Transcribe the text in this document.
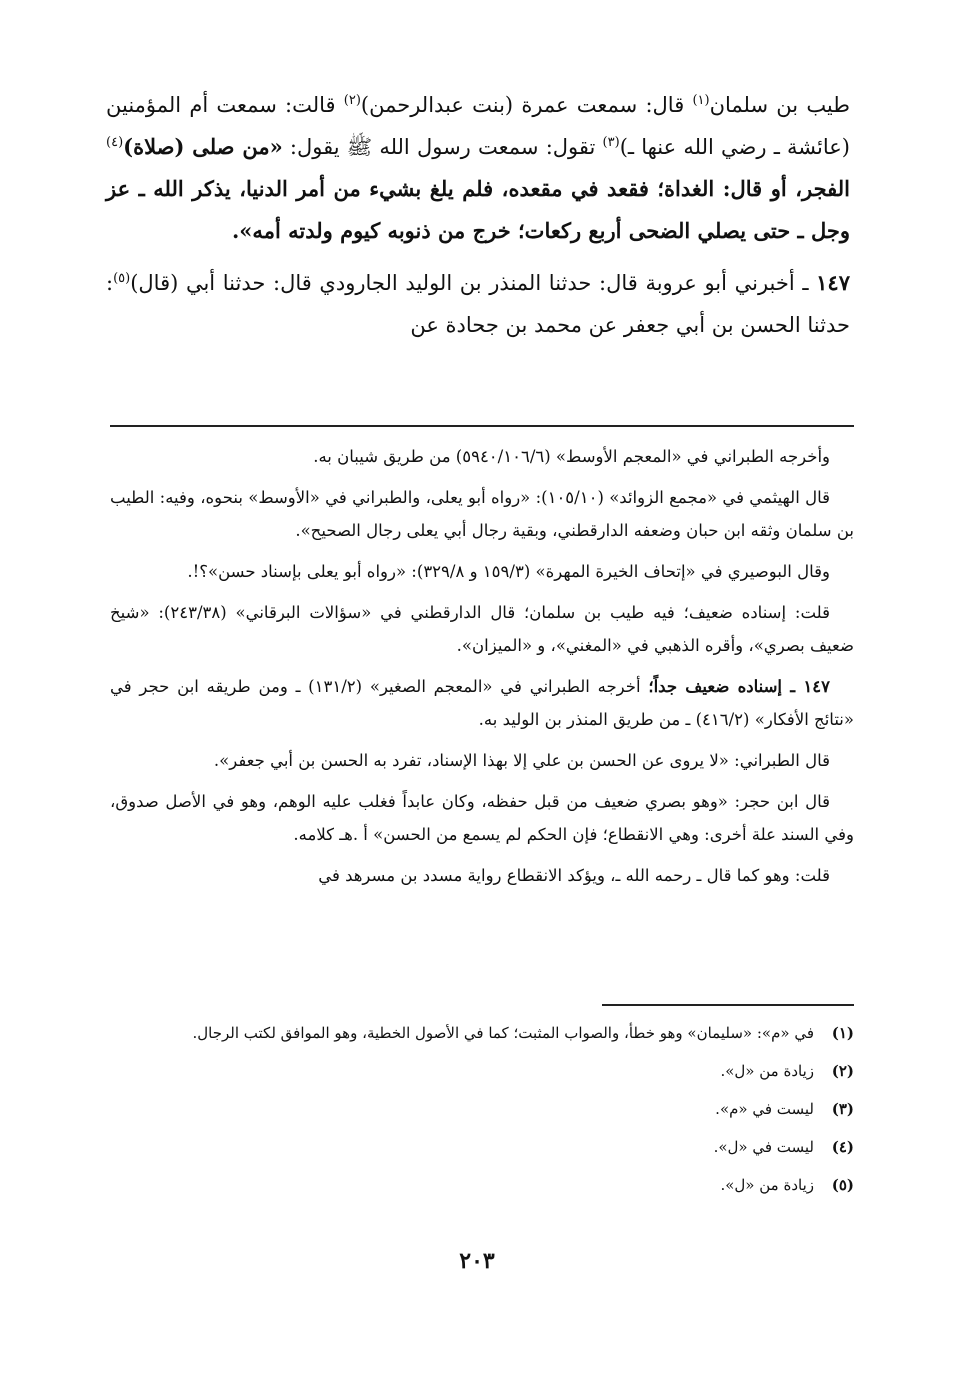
طيب بن سلمان$^{(١)}$ قال: سمعت عمرة (بنت عبدالرحمن)$^{(٢)}$ قالت: سمعت أم المؤمنين (عائشة ـ رضي الله عنها ـ)$^{(٣)}$ تقول: سمعت رسول الله ﷺ يقول: «من صلى (صلاة)$^{(٤)}$ الفجر، أو قال: الغداة؛ فقعد في مقعده، فلم يلغ بشيء من أمر الدنيا، يذكر الله ـ عز وجل ـ حتى يصلي الضحى أربع ركعات؛ خرج من ذنوبه كيوم ولدته أمه».

١٤٧ ـ أخبرني أبو عروبة قال: حدثنا المنذر بن الوليد الجارودي قال: حدثنا أبي (قال)$^{(٥)}$: حدثنا الحسن بن أبي جعفر عن محمد بن جحادة عن

وأخرجه الطبراني في «المعجم الأوسط» (٥٩٤٠/١٠٦/٦) من طريق شيبان به.

قال الهيثمي في «مجمع الزوائد» (١٠٥/١٠): «رواه أبو يعلى، والطبراني في «الأوسط» بنحوه، وفيه: الطيب بن سلمان وثقه ابن حبان وضعفه الدارقطني، وبقية رجال أبي يعلى رجال الصحيح».

وقال البوصيري في «إتحاف الخيرة المهرة» (١٥٩/٣ و ٣٢٩/٨): «رواه أبو يعلى بإسناد حسن»؟!.

قلت: إسناده ضعيف؛ فيه طيب بن سلمان؛ قال الدارقطني في «سؤالات البرقاني» (٢٤٣/٣٨): «شيخ ضعيف بصري»، وأقره الذهبي في «المغني»، و «الميزان».

١٤٧ ـ إسناده ضعيف جداً؛ أخرجه الطبراني في «المعجم الصغير» (١٣١/٢) ـ ومن طريقه ابن حجر في «نتائج الأفكار» (٤١٦/٢) ـ من طريق المنذر بن الوليد به.

قال الطبراني: «لا يروى عن الحسن بن علي إلا بهذا الإسناد، تفرد به الحسن بن أبي جعفر».

قال ابن حجر: «وهو بصري ضعيف من قبل حفظه، وكان عابداً فغلب عليه الوهم، وهو في الأصل صدوق، وفي السند علة أخرى: وهي الانقطاع؛ فإن الحكم لم يسمع من الحسن» أ .هـ كلامه.

قلت: وهو كما قال ـ رحمه الله ـ، ويؤكد الانقطاع رواية مسدد بن مسرهد في

(١)
في «م»: «سليمان» وهو خطأ، والصواب المثبت؛ كما في الأصول الخطية، وهو الموافق لكتب الرجال.
(٢)
زيادة من «ل».
(٣)
ليست في «م».
(٤)
ليست في «ل».
(٥)
زيادة من «ل».
٢٠٣
